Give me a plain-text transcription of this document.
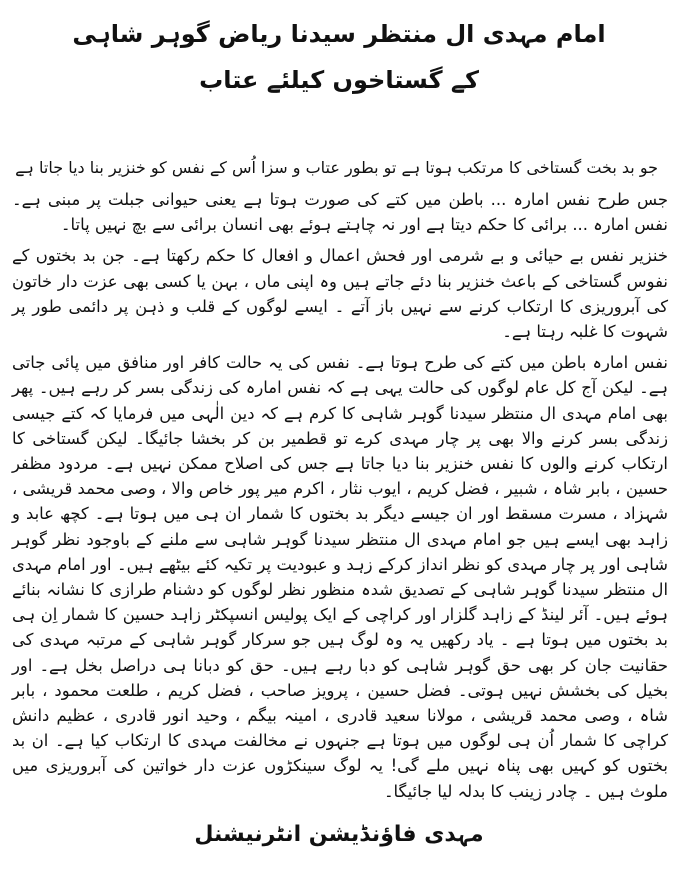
امام مہدی ال منتظر سیدنا ریاض گوہر شاہی
کے گستاخوں کیلئے عتاب
جو بد بخت گستاخی کا مرتکب ہوتا ہے تو بطور عتاب و سزا اُس کے نفس کو خنزیر بنا دیا جاتا ہے

جس طرح نفس امارہ ... باطن میں کتے کی صورت ہوتا ہے یعنی حیوانی جبلت پر مبنی ہے۔ نفس امارہ ... برائی کا حکم دیتا ہے اور نہ چاہتے ہوئے بھی انسان برائی سے بچ نہیں پاتا۔

خنزیر نفس بے حیائی و بے شرمی اور فحش اعمال و افعال کا حکم رکھتا ہے۔ جن بد بختوں کے نفوس گستاخی کے باعث خنزیر بنا دئے جاتے ہیں وہ اپنی ماں ، بہن یا کسی بھی عزت دار خاتون کی آبروریزی کا ارتکاب کرنے سے نہیں باز آتے ۔ ایسے لوگوں کے قلب و ذہن پر دائمی طور پر شہوت کا غلبہ رہتا ہے۔

نفس امارہ باطن میں کتے کی طرح ہوتا ہے۔ نفس کی یہ حالت کافر اور منافق میں پائی جاتی ہے۔ لیکن آج کل عام لوگوں کی حالت یہی ہے کہ نفس امارہ کی زندگی بسر کر رہے ہیں۔ پھر بھی امام مہدی ال منتظر سیدنا گوہر شاہی کا کرم ہے کہ دین الٰہی میں فرمایا کہ کتے جیسی زندگی بسر کرنے والا بھی پر چار مہدی کرے تو قطمیر بن کر بخشا جائیگا۔ لیکن گستاخی کا ارتکاب کرنے والوں کا نفس خنزیر بنا دیا جاتا ہے جس کی اصلاح ممکن نہیں ہے۔ مردود مظفر حسین ، بابر شاہ ، شبیر ، فضل کریم ، ایوب نثار ، اکرم میر پور خاص والا ، وصی محمد قریشی ، شہزاد ، مسرت مسقط اور ان جیسے دیگر بد بختوں کا شمار ان ہی میں ہوتا ہے۔ کچھ عابد و زاہد بھی ایسے ہیں جو امام مہدی ال منتظر سیدنا گوہر شاہی سے ملنے کے باوجود نظر گوہر شاہی اور پر چار مہدی کو نظر انداز کرکے زہد و عبودیت پر تکیہ کئے بیٹھے ہیں۔ اور امام مہدی ال منتظر سیدنا گوہر شاہی کے تصدیق شدہ منظور نظر لوگوں کو دشنام طرازی کا نشانہ بنائے ہوئے ہیں۔ آئر لینڈ کے زاہد گلزار اور کراچی کے ایک پولیس انسپکٹر زاہد حسین کا شمار اِن ہی بد بختوں میں ہوتا ہے ۔ یاد رکھیں یہ وہ لوگ ہیں جو سرکار گوہر شاہی کے مرتبہ مہدی کی حقانیت جان کر بھی حق گوہر شاہی کو دبا رہے ہیں۔ حق کو دبانا ہی دراصل بخل ہے۔ اور بخیل کی بخشش نہیں ہوتی۔ فضل حسین ، پرویز صاحب ، فضل کریم ، طلعت محمود ، بابر شاہ ، وصی محمد قریشی ، مولانا سعید قادری ، امینہ بیگم ، وحید انور قادری ، عظیم دانش کراچی کا شمار اُن ہی لوگوں میں ہوتا ہے جنہوں نے مخالفت مہدی کا ارتکاب کیا ہے۔ ان بد بختوں کو کہیں بھی پناہ نہیں ملے گی! یہ لوگ سینکڑوں عزت دار خواتین کی آبروریزی میں ملوث ہیں ۔ چادر زینب کا بدلہ لیا جائیگا۔

مہدی فاؤنڈیشن انٹرنیشنل
